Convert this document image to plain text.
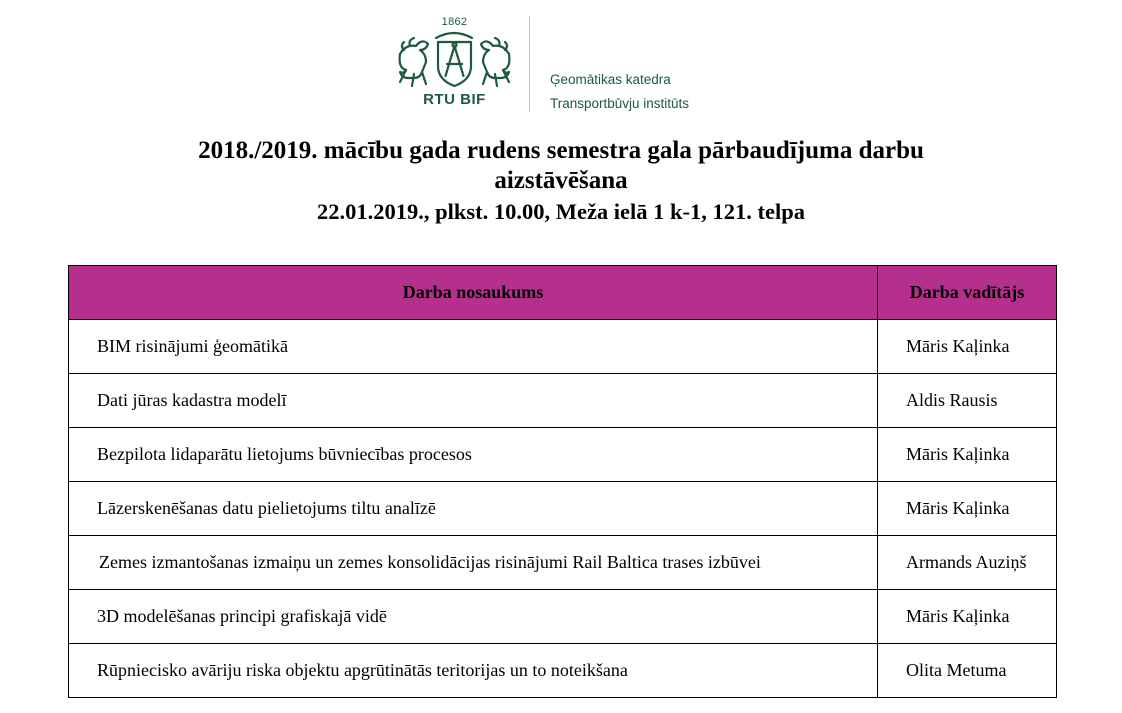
1862
RTU BIF
Ģeomātikas katedra
Transportbūvju institūts
2018./2019. mācību gada rudens semestra gala pārbaudījuma darbu
aizstāvēšana
22.01.2019., plkst. 10.00, Meža ielā 1 k-1, 121. telpa
Darba nosaukums	Darba vadītājs
BIM risinājumi ģeomātikā	Māris Kaļinka
Dati jūras kadastra modelī	Aldis Rausis
Bezpilota lidaparātu lietojums būvniecības procesos	Māris Kaļinka
Lāzerskenēšanas datu pielietojums tiltu analīzē	Māris Kaļinka
Zemes izmantošanas izmaiņu un zemes konsolidācijas risinājumi Rail Baltica trases izbūvei	Armands Auziņš
3D modelēšanas principi grafiskajā vidē	Māris Kaļinka
Rūpniecisko avāriju riska objektu apgrūtinātās teritorijas un to noteikšana	Olita Metuma
